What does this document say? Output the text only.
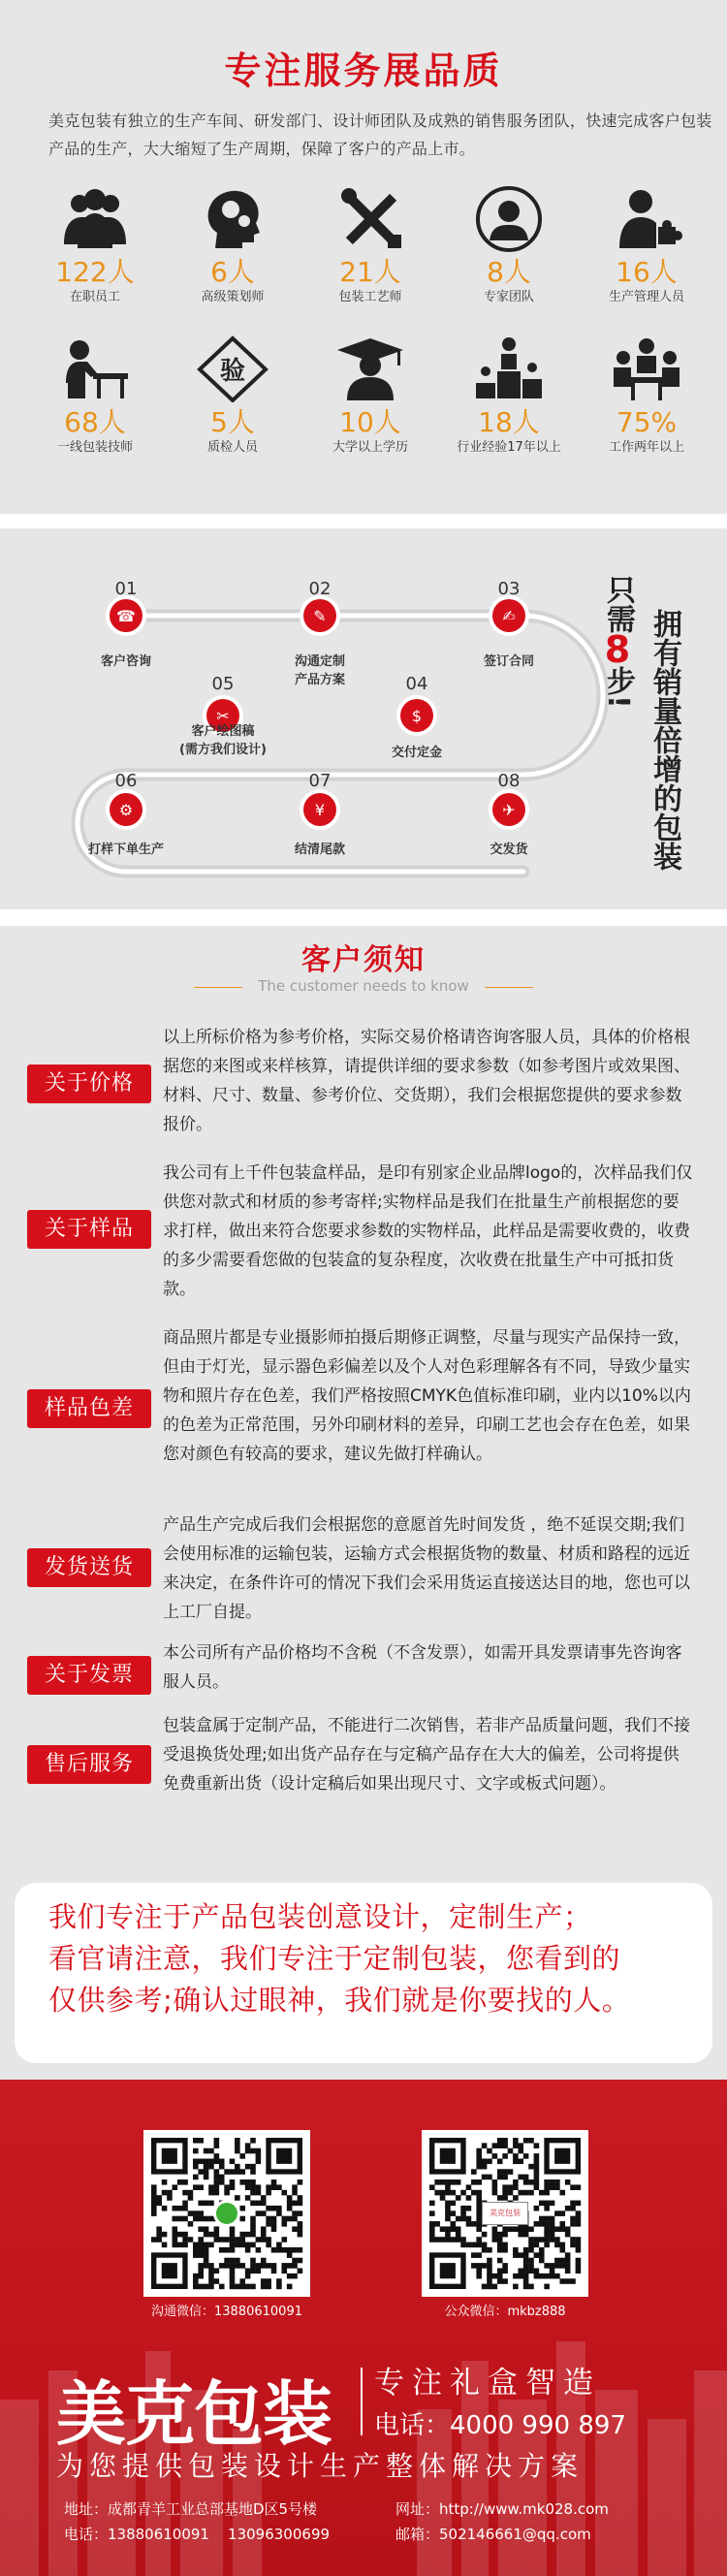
专注服务展品质
美克包装有独立的生产车间、研发部门、设计师团队及成熟的销售服务团队，快速完成客户包装产品的生产，大大缩短了生产周期，保障了客户的产品上市。
122人
在职员工
6人
高级策划师
21人
包装工艺师
8人
专家团队
16人
生产管理人员
68人
一线包装技师
验
5人
质检人员
10人
大学以上学历
18人
行业经验17年以上
75%
工作两年以上
☎	✎	✍
$
✂
⚙	¥	✈
01
客户咨询
02
沟通定制
产品方案
03
签订合同
04
交付定金
05
客户绘图稿
(需方我们设计)
06
打样下单生产
07
结清尾款
08
交发货
只需
8
步! 拥有销量倍增的包装
客户须知
The customer needs to know
关于价格
以上所标价格为参考价格，实际交易价格请咨询客服人员，具体的价格根据您的来图或来样核算，请提供详细的要求参数（如参考图片或效果图、材料、尺寸、数量、参考价位、交货期），我们会根据您提供的要求参数报价。
关于样品
我公司有上千件包装盒样品，是印有别家企业品牌logo的，次样品我们仅供您对款式和材质的参考寄样;实物样品是我们在批量生产前根据您的要求打样，做出来符合您要求参数的实物样品，此样品是需要收费的，收费的多少需要看您做的包装盒的复杂程度，次收费在批量生产中可抵扣货款。
样品色差
商品照片都是专业摄影师拍摄后期修正调整，尽量与现实产品保持一致，但由于灯光，显示器色彩偏差以及个人对色彩理解各有不同，导致少量实物和照片存在色差，我们严格按照CMYK色值标准印刷，业内以10%以内的色差为正常范围，另外印刷材料的差异，印刷工艺也会存在色差，如果您对颜色有较高的要求，建议先做打样确认。
发货送货
产品生产完成后我们会根据您的意愿首先时间发货 ，绝不延误交期;我们会使用标准的运输包装，运输方式会根据货物的数量、材质和路程的远近来决定，在条件许可的情况下我们会采用货运直接送达目的地，您也可以上工厂自提。
关于发票
本公司所有产品价格均不含税（不含发票），如需开具发票请事先咨询客服人员。
售后服务
包装盒属于定制产品，不能进行二次销售，若非产品质量问题，我们不接受退换货处理;如出货产品存在与定稿产品存在大大的偏差，公司将提供免费重新出货（设计定稿后如果出现尺寸、文字或板式问题）。
我们专注于产品包装创意设计，定制生产；
看官请注意，我们专注于定制包装，您看到的
仅供参考;确认过眼神，我们就是你要找的人。
沟通微信：13880610091
美克包装
公众微信：mkbz888
美克包装 专注礼盒智造
电话：4000 990 897
为您提供包装设计生产整体解决方案
地址：成都青羊工业总部基地D区5号楼	网址：http://www.mk028.com
电话：13880610091    13096300699	邮箱：502146661@qq.com
